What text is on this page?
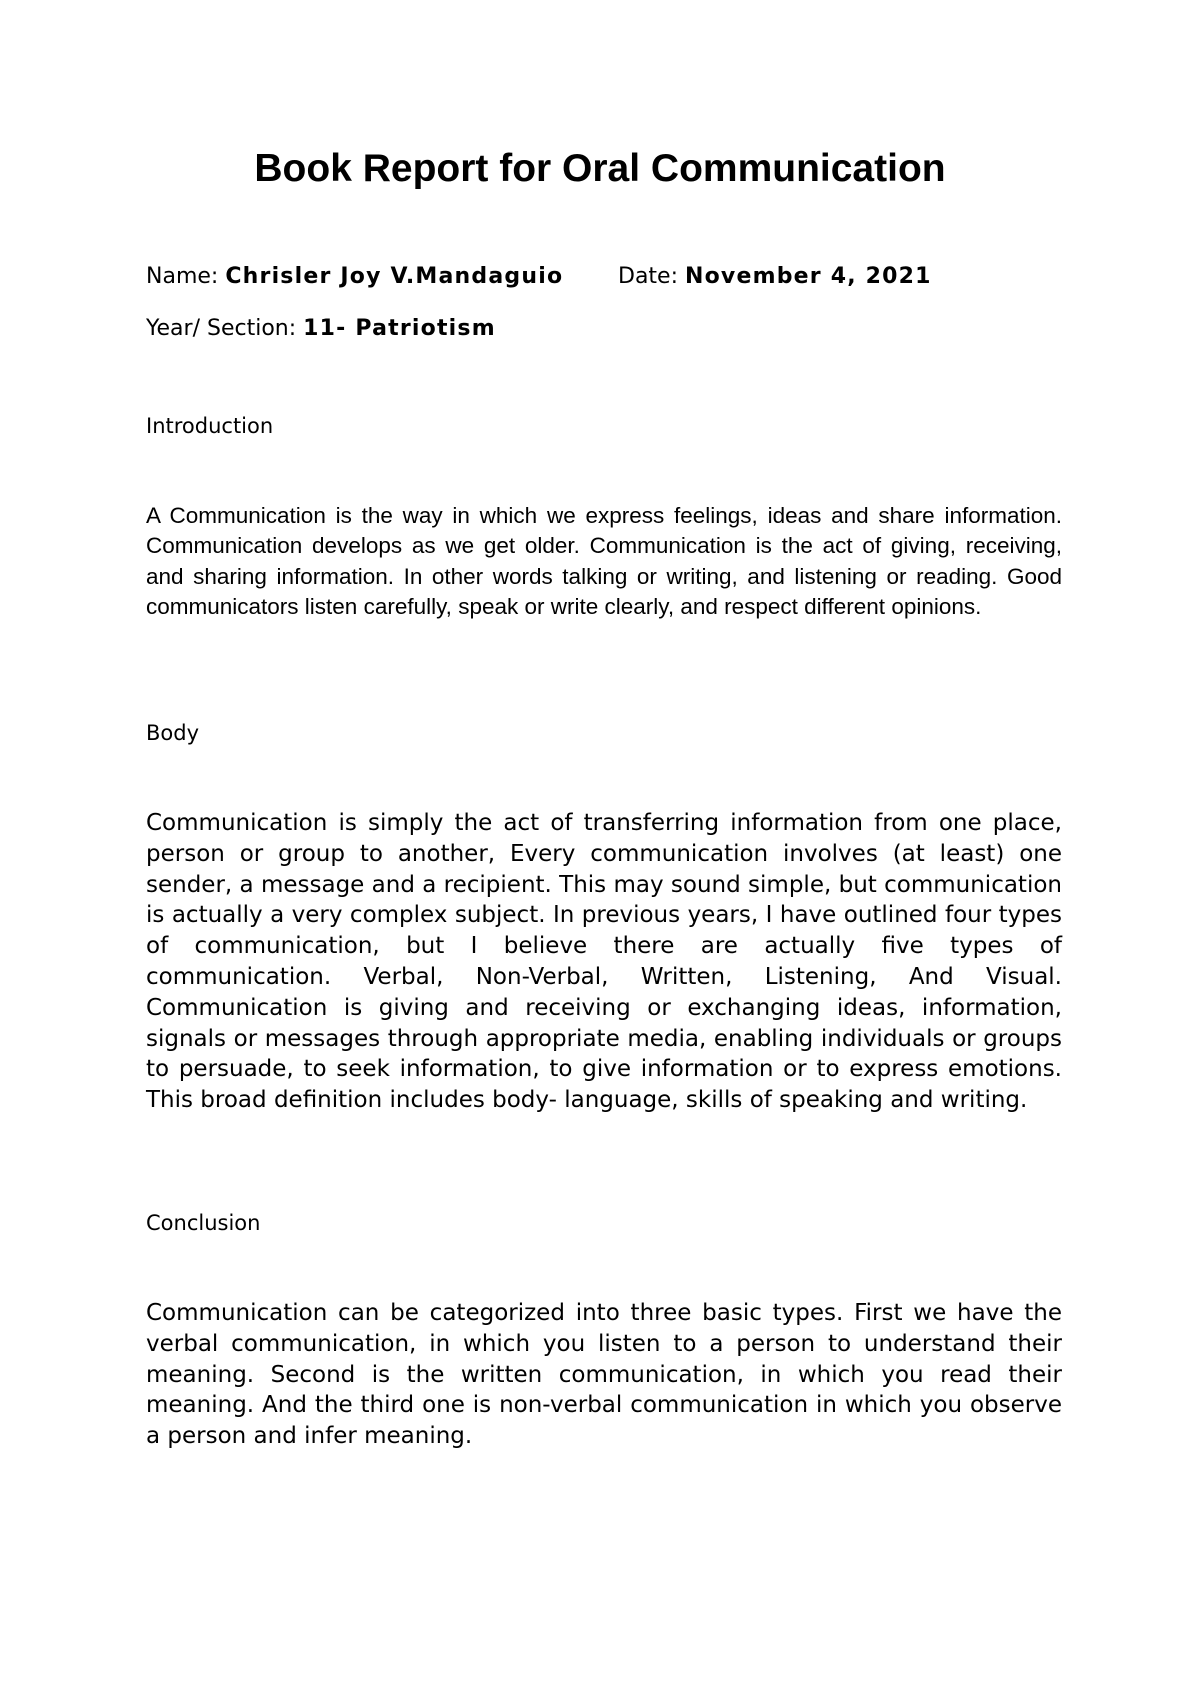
Book Report for Oral Communication
Name: Chrisler Joy V.Mandaguio Date: November 4, 2021
Year/ Section: 11- Patriotism
Introduction

A Communication is the way in which we express feelings, ideas and share information. Communication develops as we get older. Communication is the act of giving, receiving, and sharing information. In other words talking or writing, and listening or reading. Good communicators listen carefully, speak or write clearly, and respect different opinions.

Body

Communication is simply the act of transferring information from one place, person or group to another, Every communication involves (at least) one sender, a message and a recipient. This may sound simple, but communication is actually a very complex subject. In previous years, I have outlined four types of communication, but I believe there are actually five types of communication. Verbal, Non-Verbal, Written, Listening, And Visual. Communication is giving and receiving or exchanging ideas, information, signals or messages through appropriate media, enabling individuals or groups to persuade, to seek information, to give information or to express emotions. This broad definition includes body- language, skills of speaking and writing.

Conclusion

Communication can be categorized into three basic types. First we have the verbal communication, in which you listen to a person to understand their meaning. Second is the written communication, in which you read their meaning. And the third one is non-verbal communication in which you observe a person and infer meaning.
